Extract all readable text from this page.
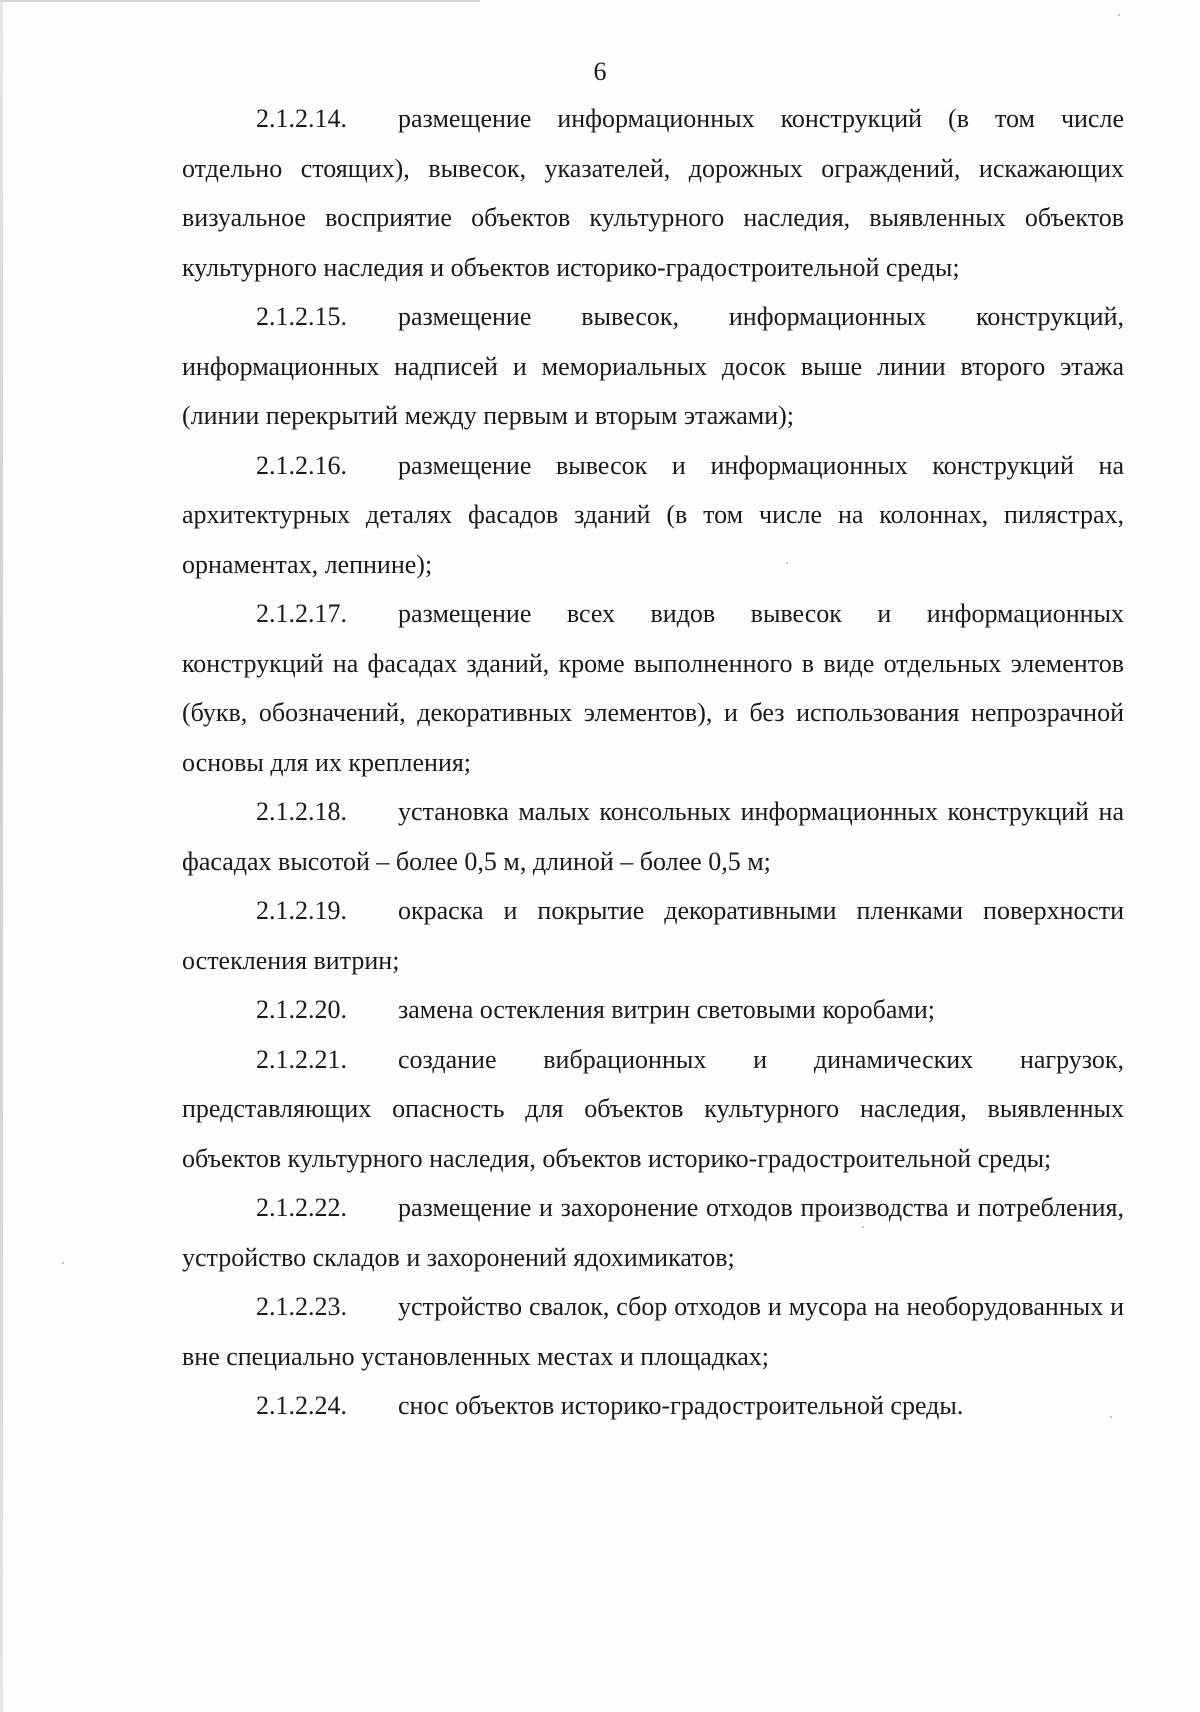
6

2.1.2.14. размещение информационных конструкций (в том числе отдельно стоящих), вывесок, указателей, дорожных ограждений, искажающих визуальное восприятие объектов культурного наследия, выявленных объектов культурного наследия и объектов историко-градостроительной среды;

2.1.2.15. размещение вывесок, информационных конструкций, информационных надписей и мемориальных досок выше линии второго этажа (линии перекрытий между первым и вторым этажами);

2.1.2.16. размещение вывесок и информационных конструкций на архитектурных деталях фасадов зданий (в том числе на колоннах, пилястрах, орнаментах, лепнине);

2.1.2.17. размещение всех видов вывесок и информационных конструкций на фасадах зданий, кроме выполненного в виде отдельных элементов (букв, обозначений, декоративных элементов), и без использования непрозрачной основы для их крепления;

2.1.2.18. установка малых консольных информационных конструкций на фасадах высотой – более 0,5 м, длиной – более 0,5 м;

2.1.2.19. окраска и покрытие декоративными пленками поверхности остекления витрин;

2.1.2.20. замена остекления витрин световыми коробами;

2.1.2.21. создание вибрационных и динамических нагрузок, представляющих опасность для объектов культурного наследия, выявленных объектов культурного наследия, объектов историко-градостроительной среды;

2.1.2.22. размещение и захоронение отходов производства и потребления, устройство складов и захоронений ядохимикатов;

2.1.2.23. устройство свалок, сбор отходов и мусора на необорудованных и вне специально установленных местах и площадках;

2.1.2.24. снос объектов историко-градостроительной среды.
